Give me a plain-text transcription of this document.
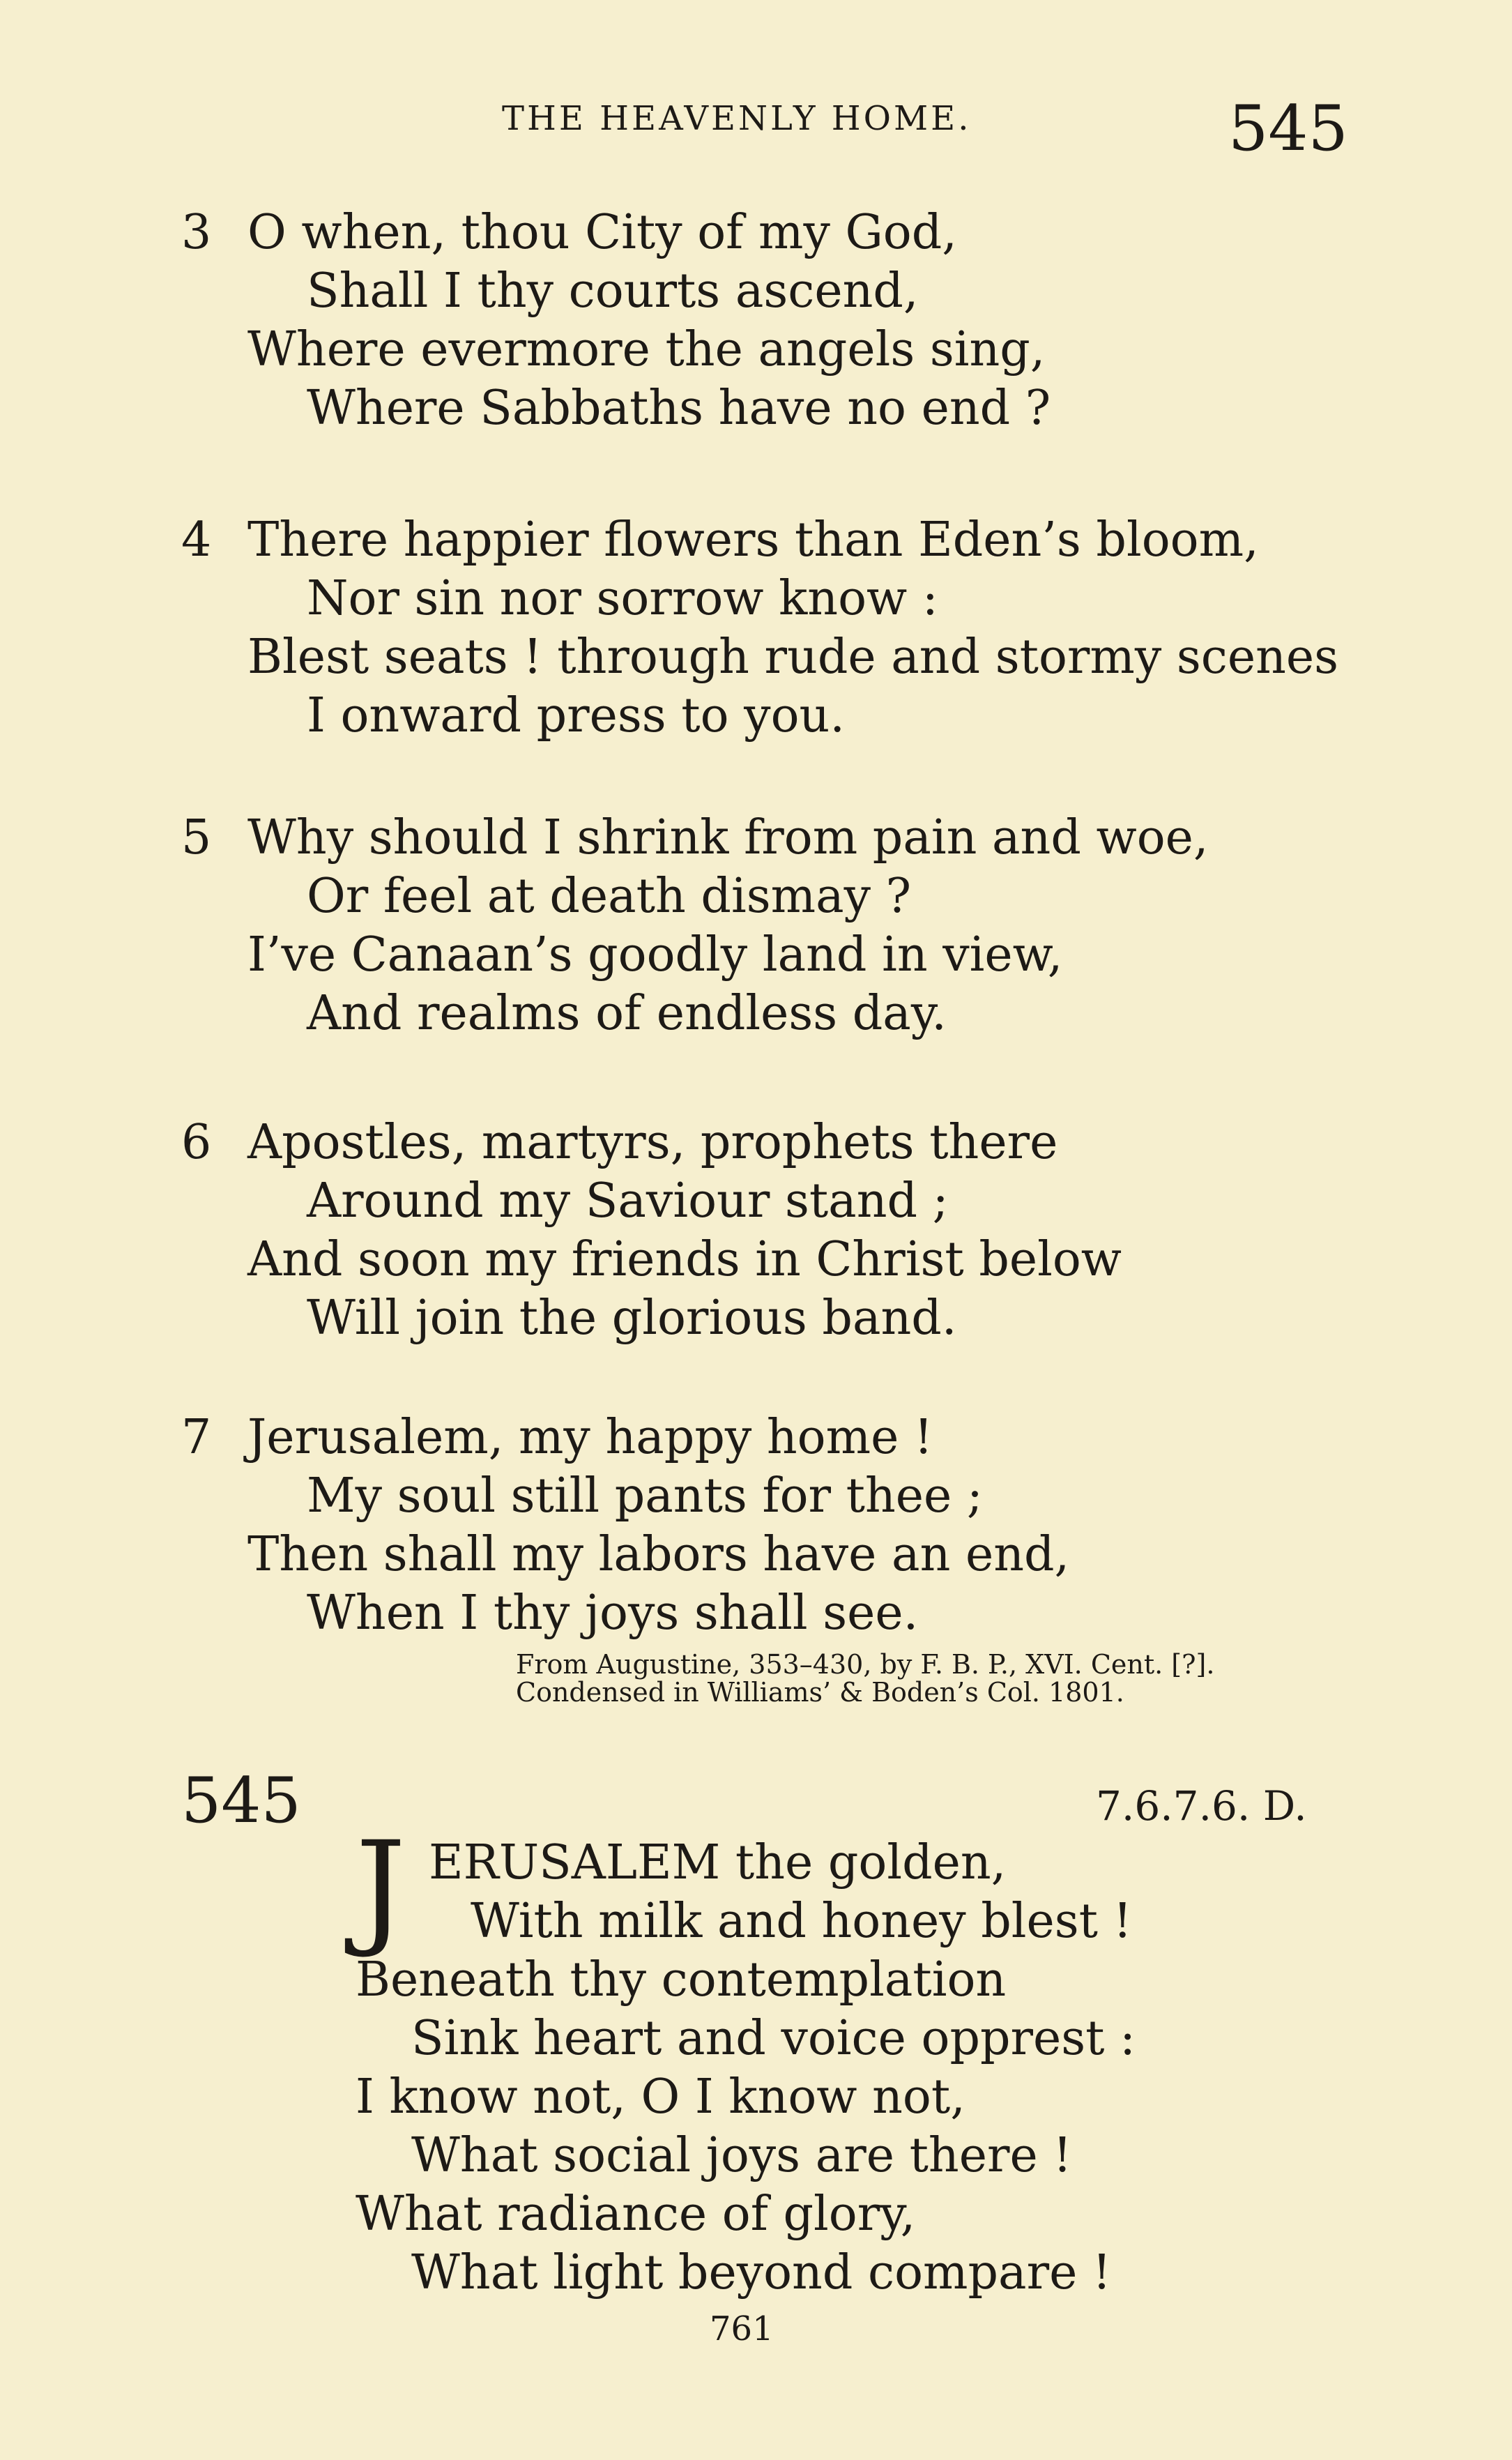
THE HEAVENLY HOME.	545
3 O when, thou City of my God,
Shall I thy courts ascend,
Where evermore the angels sing,
Where Sabbaths have no end ?
4 There happier flowers than Eden’s bloom,
Nor sin nor sorrow know :
Blest seats ! through rude and stormy scenes
I onward press to you.
5 Why should I shrink from pain and woe,
Or feel at death dismay ?
I’ve Canaan’s goodly land in view,
And realms of endless day.
6 Apostles, martyrs, prophets there
Around my Saviour stand ;
And soon my friends in Christ below
Will join the glorious band.
7 Jerusalem, my happy home !
My soul still pants for thee ;
Then shall my labors have an end,
When I thy joys shall see.
From Augustine, 353–430, by F. B. P., XVI. Cent. [?].
Condensed in Williams’ & Boden’s Col. 1801.
545	7.6.7.6. D.
J ERUSALEM the golden,
With milk and honey blest !
Beneath thy contemplation
Sink heart and voice opprest :
I know not, O I know not,
What social joys are there !
What radiance of glory,
What light beyond compare !
761
